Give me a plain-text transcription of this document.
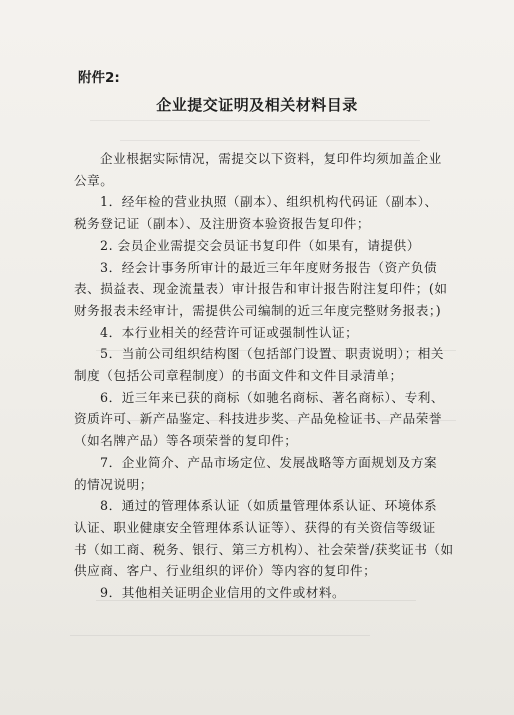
附件2:
企业提交证明及相关材料目录
企业根据实际情况，需提交以下资料，复印件均须加盖企业
公章。
1．经年检的营业执照（副本）、组织机构代码证（副本）、
税务登记证（副本）、及注册资本验资报告复印件；
2. 会员企业需提交会员证书复印件（如果有，请提供）
3．经会计事务所审计的最近三年年度财务报告（资产负债
表、损益表、现金流量表）审计报告和审计报告附注复印件；(如
财务报表未经审计，需提供公司编制的近三年度完整财务报表；)
4．本行业相关的经营许可证或强制性认证；
5．当前公司组织结构图（包括部门设置、职责说明）；相关
制度（包括公司章程制度）的书面文件和文件目录清单；
6．近三年来已获的商标（如驰名商标、著名商标）、专利、
资质许可、新产品鉴定、科技进步奖、产品免检证书、产品荣誉
（如名牌产品）等各项荣誉的复印件；
7．企业简介、产品市场定位、发展战略等方面规划及方案
的情况说明；
8．通过的管理体系认证（如质量管理体系认证、环境体系
认证、职业健康安全管理体系认证等）、获得的有关资信等级证
书（如工商、税务、银行、第三方机构）、社会荣誉/获奖证书（如
供应商、客户、行业组织的评价）等内容的复印件；
9．其他相关证明企业信用的文件或材料。
